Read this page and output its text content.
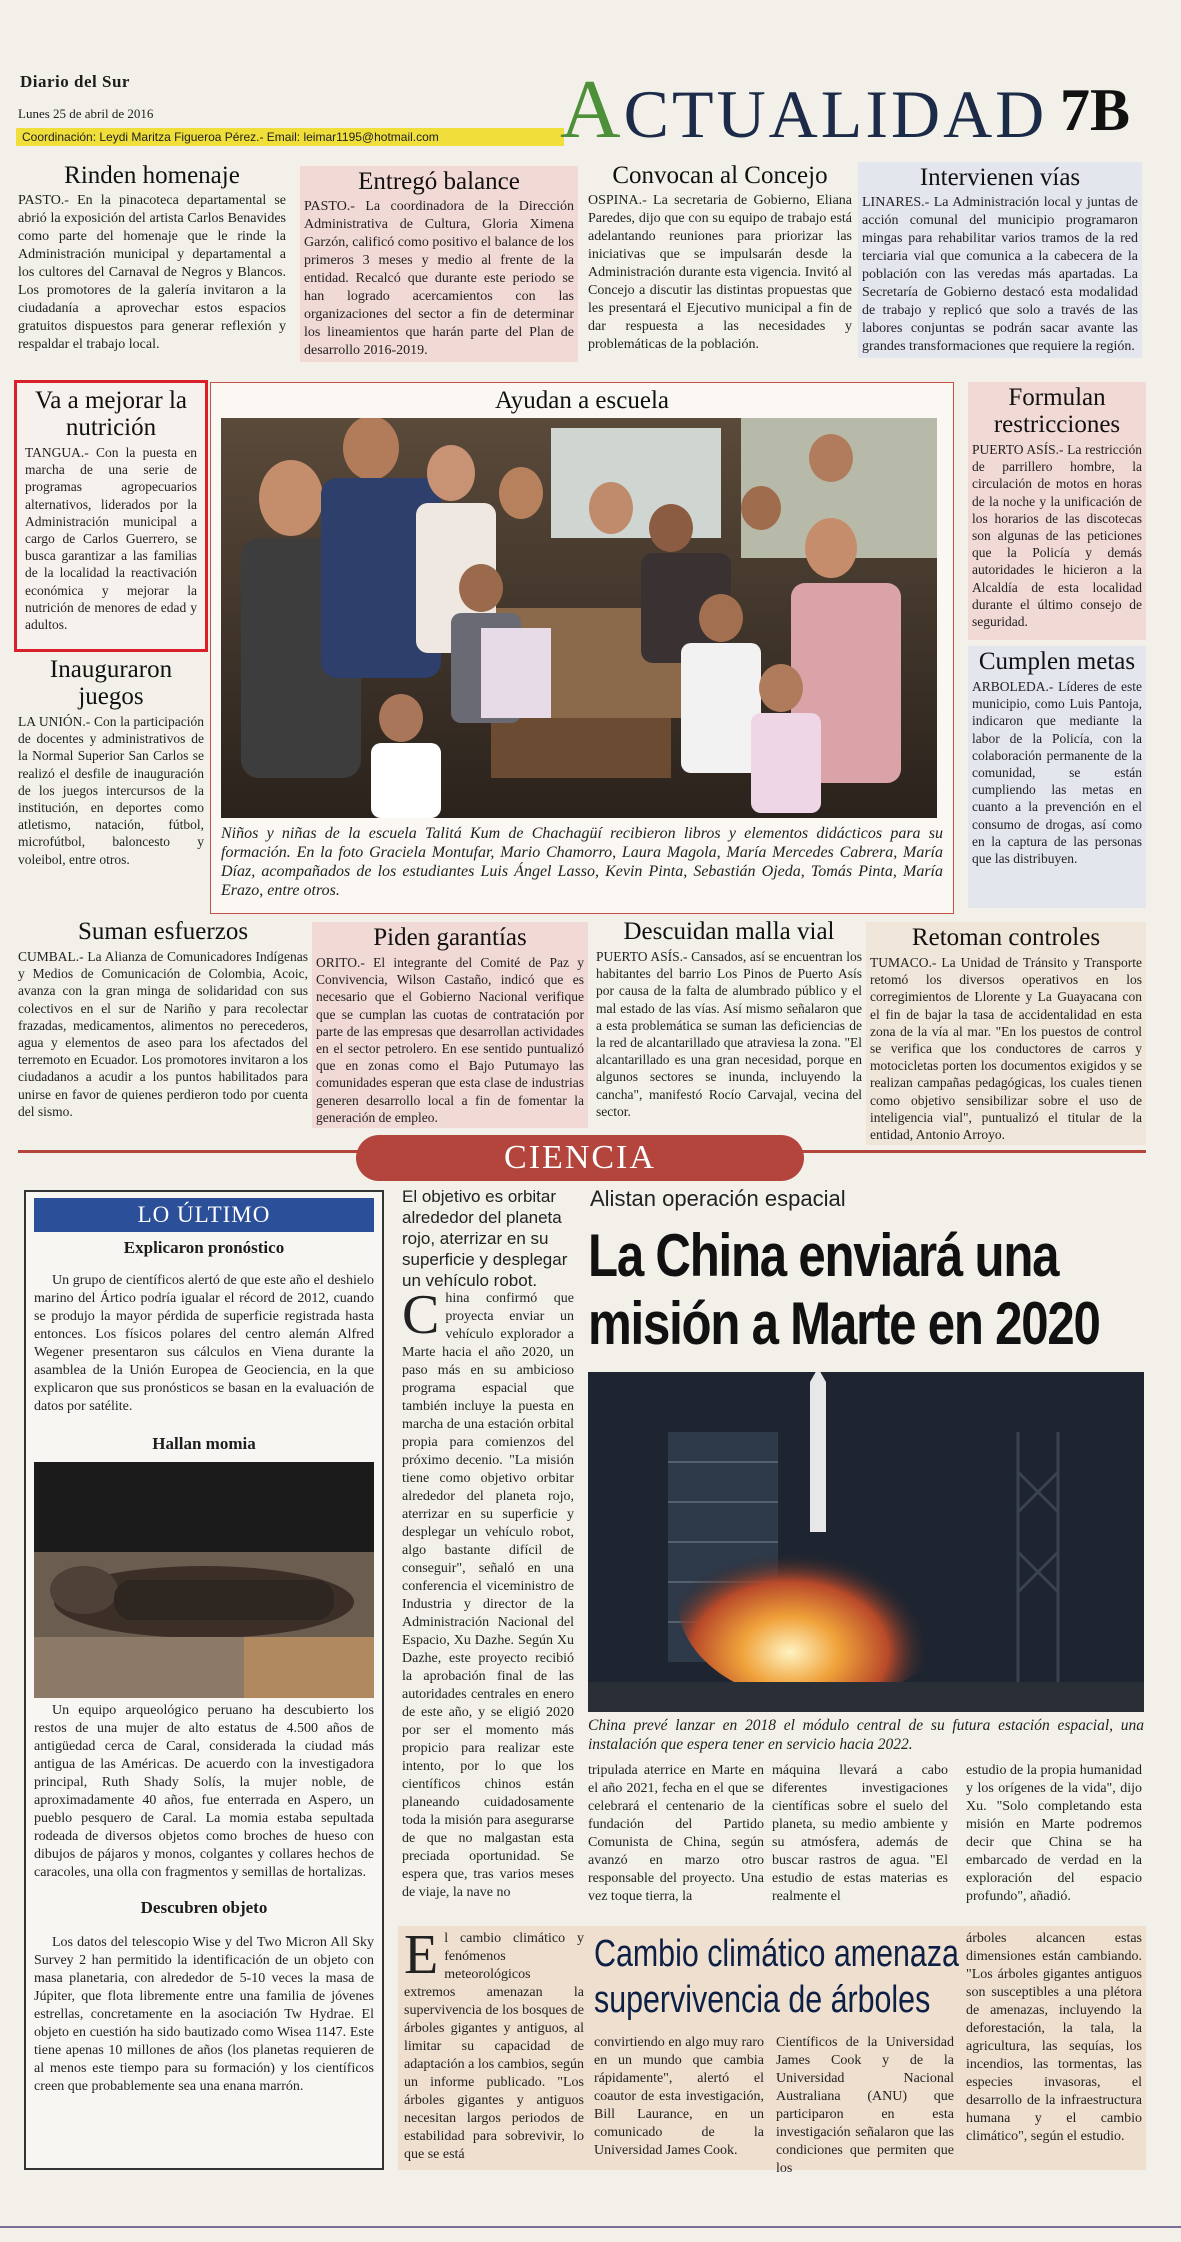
Diario del Sur
Lunes 25 de abril de 2016
Coordinación: Leydi Maritza Figueroa Pérez.- Email: leimar1195@hotmail.com	ACTUALIDAD 7B
Rinden homenaje

PASTO.- En la pinacoteca departamental se abrió la exposición del artista Carlos Benavides como parte del homenaje que le rinde la Administración municipal y departamental a los cultores del Carnaval de Negros y Blancos. Los promotores de la galería invitaron a la ciudadanía a aprovechar estos espacios gratuitos dispuestos para generar reflexión y respaldar el trabajo local.

Entregó balance

PASTO.- La coordinadora de la Dirección Administrativa de Cultura, Gloria Ximena Garzón, calificó como positivo el balance de los primeros 3 meses y medio al frente de la entidad. Recalcó que durante este periodo se han logrado acercamientos con las organizaciones del sector a fin de determinar los lineamientos que harán parte del Plan de desarrollo 2016-2019.

Convocan al Concejo

OSPINA.- La secretaria de Gobierno, Eliana Paredes, dijo que con su equipo de trabajo está adelantando reuniones para priorizar las iniciativas que se impulsarán desde la Administración durante esta vigencia. Invitó al Concejo a discutir las distintas propuestas que les presentará el Ejecutivo municipal a fin de dar respuesta a las necesidades y problemáticas de la población.

Intervienen vías

LINARES.- La Administración local y juntas de acción comunal del municipio programaron mingas para rehabilitar varios tramos de la red terciaria vial que comunica a la cabecera de la población con las veredas más apartadas. La Secretaría de Gobierno destacó esta modalidad de trabajo y replicó que solo a través de las labores conjuntas se podrán sacar avante las grandes transformaciones que requiere la región.

Va a mejorar la nutrición

TANGUA.- Con la puesta en marcha de una serie de programas agropecuarios alternativos, liderados por la Administración municipal a cargo de Carlos Guerrero, se busca garantizar a las familias de la localidad la reactivación económica y mejorar la nutrición de menores de edad y adultos.

Inauguraron juegos

LA UNIÓN.- Con la participación de docentes y administrativos de la Normal Superior San Carlos se realizó el desfile de inauguración de los juegos intercursos de la institución, en deportes como atletismo, natación, fútbol, microfútbol, baloncesto y voleibol, entre otros.

Ayudan a escuela

Niños y niñas de la escuela Talitá Kum de Chachagüí recibieron libros y elementos didácticos para su formación. En la foto Graciela Montufar, Mario Chamorro, Laura Magola, María Mercedes Cabrera, María Díaz, acompañados de los estudiantes Luis Ángel Lasso, Kevin Pinta, Sebastián Ojeda, Tomás Pinta, María Erazo, entre otros.

Formulan restricciones

PUERTO ASÍS.- La restricción de parrillero hombre, la circulación de motos en horas de la noche y la unificación de los horarios de las discotecas son algunas de las peticiones que la Policía y demás autoridades le hicieron a la Alcaldía de esta localidad durante el último consejo de seguridad.

Cumplen metas

ARBOLEDA.- Líderes de este municipio, como Luis Pantoja, indicaron que mediante la labor de la Policía, con la colaboración permanente de la comunidad, se están cumpliendo las metas en cuanto a la prevención en el consumo de drogas, así como en la captura de las personas que las distribuyen.

Suman esfuerzos

CUMBAL.- La Alianza de Comunicadores Indígenas y Medios de Comunicación de Colombia, Acoic, avanza con la gran minga de solidaridad con sus colectivos en el sur de Nariño y para recolectar frazadas, medicamentos, alimentos no perecederos, agua y elementos de aseo para los afectados del terremoto en Ecuador. Los promotores invitaron a los ciudadanos a acudir a los puntos habilitados para unirse en favor de quienes perdieron todo por cuenta del sismo.

Piden garantías

ORITO.- El integrante del Comité de Paz y Convivencia, Wilson Castaño, indicó que es necesario que el Gobierno Nacional verifique que se cumplan las cuotas de contratación por parte de las empresas que desarrollan actividades en el sector petrolero. En ese sentido puntualizó que en zonas como el Bajo Putumayo las comunidades esperan que esta clase de industrias generen desarrollo local a fin de fomentar la generación de empleo.

Descuidan malla vial

PUERTO ASÍS.- Cansados, así se encuentran los habitantes del barrio Los Pinos de Puerto Asís por causa de la falta de alumbrado público y el mal estado de las vías. Así mismo señalaron que a esta problemática se suman las deficiencias de la red de alcantarillado que atraviesa la zona. "El alcantarillado es una gran necesidad, porque en algunos sectores se inunda, incluyendo la cancha", manifestó Rocío Carvajal, vecina del sector.

Retoman controles

TUMACO.- La Unidad de Tránsito y Transporte retomó los diversos operativos en los corregimientos de Llorente y La Guayacana con el fin de bajar la tasa de accidentalidad en esta zona de la vía al mar. "En los puestos de control se verifica que los conductores de carros y motocicletas porten los documentos exigidos y se realizan campañas pedagógicas, los cuales tienen como objetivo sensibilizar sobre el uso de inteligencia vial", puntualizó el titular de la entidad, Antonio Arroyo.

CIENCIA
LO ÚLTIMO
Explicaron pronóstico

Un grupo de científicos alertó de que este año el deshielo marino del Ártico podría igualar el récord de 2012, cuando se produjo la mayor pérdida de superficie registrada hasta entonces. Los físicos polares del centro alemán Alfred Wegener presentaron sus cálculos en Viena durante la asamblea de la Unión Europea de Geociencia, en la que explicaron que sus pronósticos se basan en la evaluación de datos por satélite.

Hallan momia

Un equipo arqueológico peruano ha descubierto los restos de una mujer de alto estatus de 4.500 años de antigüedad cerca de Caral, considerada la ciudad más antigua de las Américas. De acuerdo con la investigadora principal, Ruth Shady Solís, la mujer noble, de aproximadamente 40 años, fue enterrada en Aspero, un pueblo pesquero de Caral. La momia estaba sepultada rodeada de diversos objetos como broches de hueso con dibujos de pájaros y monos, colgantes y collares hechos de caracoles, una olla con fragmentos y semillas de hortalizas.

Descubren objeto

Los datos del telescopio Wise y del Two Micron All Sky Survey 2 han permitido la identificación de un objeto con masa planetaria, con alrededor de 5-10 veces la masa de Júpiter, que flota libremente entre una familia de jóvenes estrellas, concretamente en la asociación Tw Hydrae. El objeto en cuestión ha sido bautizado como Wisea 1147. Este tiene apenas 10 millones de años (los planetas requieren de al menos este tiempo para su formación) y los científicos creen que probablemente sea una enana marrón.

El objetivo es orbitar alrededor del planeta rojo, aterrizar en su superficie y desplegar un vehículo robot.
China confirmó que proyecta enviar un vehículo explorador a Marte hacia el año 2020, un paso más en su ambicioso programa espacial que también incluye la puesta en marcha de una estación orbital propia para comienzos del próximo decenio. "La misión tiene como objetivo orbitar alrededor del planeta rojo, aterrizar en su superficie y desplegar un vehículo robot, algo bastante difícil de conseguir", señaló en una conferencia el viceministro de Industria y director de la Administración Nacional del Espacio, Xu Dazhe. Según Xu Dazhe, este proyecto recibió la aprobación final de las autoridades centrales en enero de este año, y se eligió 2020 por ser el momento más propicio para realizar este intento, por lo que los científicos chinos están planeando cuidadosamente toda la misión para asegurarse de que no malgastan esta preciada oportunidad. Se espera que, tras varios meses de viaje, la nave no
Alistan operación espacial
La China enviará una
misión a Marte en 2020

China prevé lanzar en 2018 el módulo central de su futura estación espacial, una instalación que espera tener en servicio hacia 2022.

tripulada aterrice en Marte en el año 2021, fecha en el que se celebrará el centenario de la fundación del Partido Comunista de China, según avanzó en marzo otro responsable del proyecto. Una vez toque tierra, la

máquina llevará a cabo diferentes investigaciones científicas sobre el suelo del planeta, su medio ambiente y su atmósfera, además de buscar rastros de agua. "El estudio de estas materias es realmente el

estudio de la propia humanidad y los orígenes de la vida", dijo Xu. "Solo completando esta misión en Marte podremos decir que China se ha embarcado de verdad en la exploración del espacio profundo", añadió.

El cambio climático y fenómenos meteorológicos extremos amenazan la supervivencia de los bosques de árboles gigantes y antiguos, al limitar su capacidad de adaptación a los cambios, según un informe publicado. "Los árboles gigantes y antiguos necesitan largos periodos de estabilidad para sobrevivir, lo que se está
Cambio climático amenaza
supervivencia de árboles

convirtiendo en algo muy raro en un mundo que cambia rápidamente", alertó el coautor de esta investigación, Bill Laurance, en un comunicado de la Universidad James Cook.

Científicos de la Universidad James Cook y de la Universidad Nacional Australiana (ANU) que participaron en esta investigación señalaron que las condiciones que permiten que los

árboles alcancen estas dimensiones están cambiando. "Los árboles gigantes antiguos son susceptibles a una plétora de amenazas, incluyendo la deforestación, la tala, la agricultura, las sequías, los incendios, las tormentas, las especies invasoras, el desarrollo de la infraestructura humana y el cambio climático", según el estudio.
